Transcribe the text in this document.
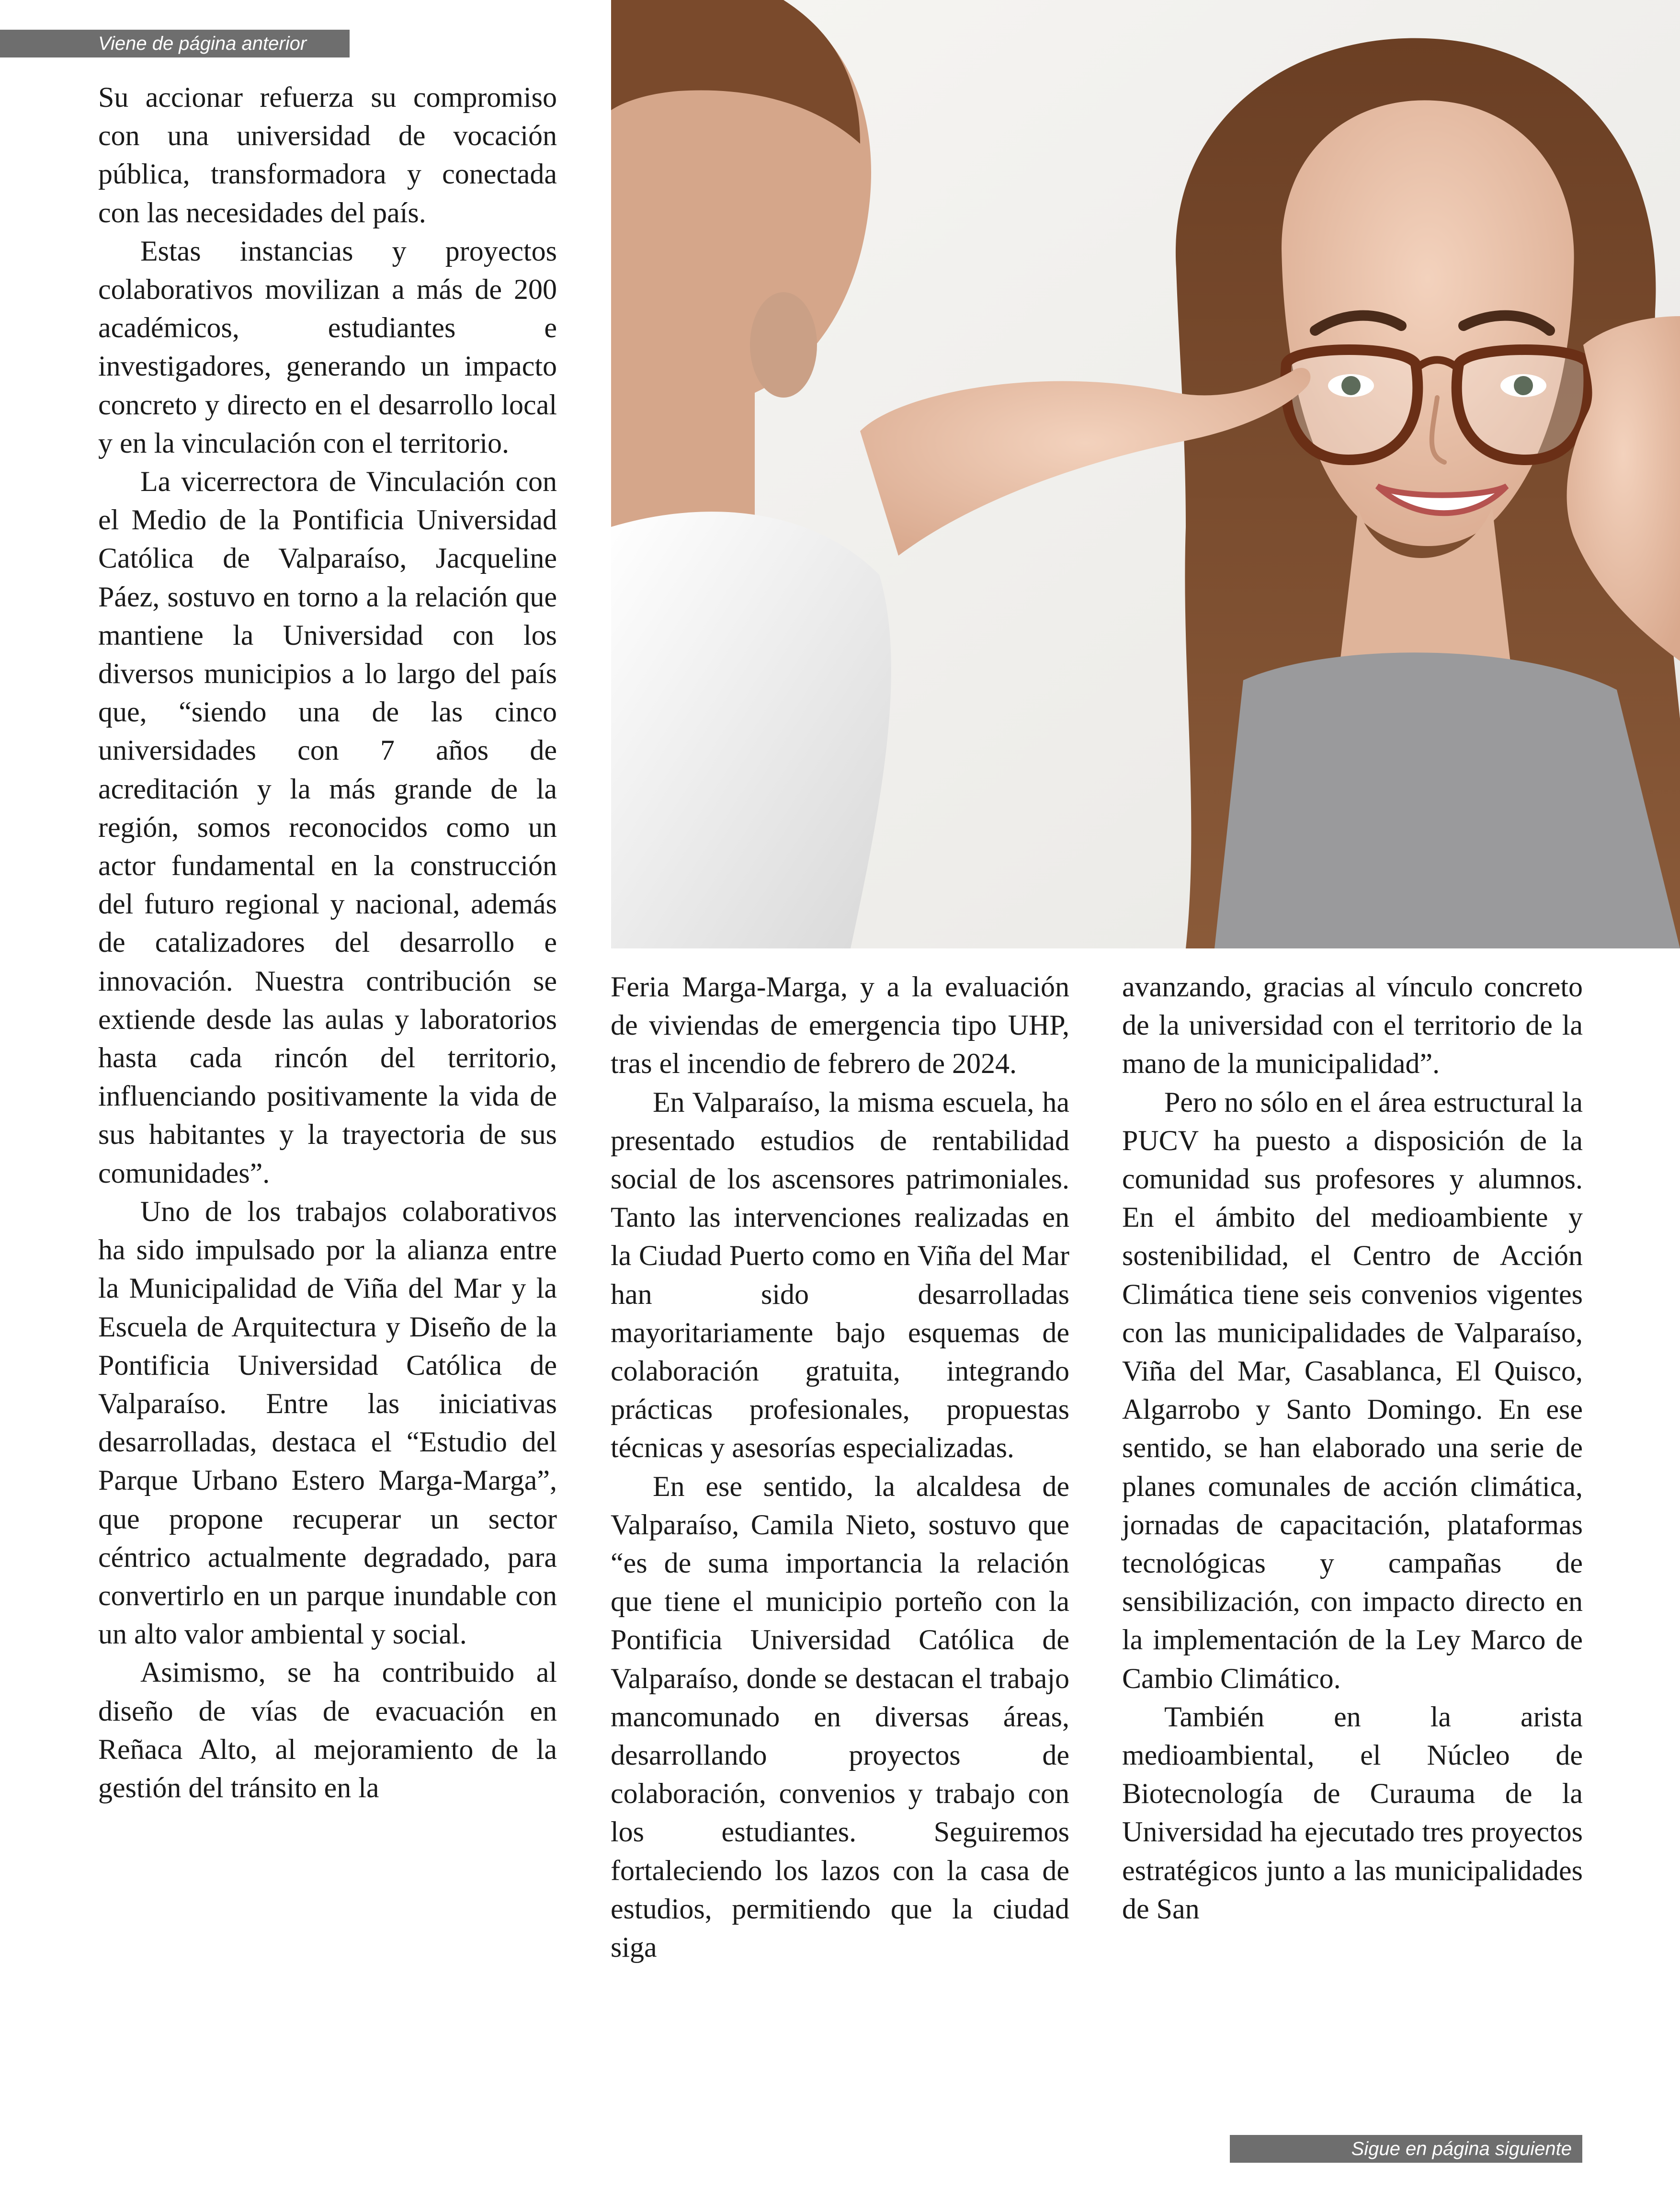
Viene de página anterior

Su accionar refuerza su compromiso con una universidad de vocación pública, transformadora y conectada con las necesidades del país.

Estas instancias y proyectos colaborativos movilizan a más de 200 académicos, estudiantes e investigadores, generando un impacto concreto y directo en el desarrollo local y en la vinculación con el territorio.

La vicerrectora de Vinculación con el Medio de la Pontificia Universidad Católica de Valparaíso, Jacqueline Páez, sostuvo en torno a la relación que mantiene la Universidad con los diversos municipios a lo largo del país que, “siendo una de las cinco universidades con 7 años de acreditación y la más grande de la región, somos reconocidos como un actor fundamental en la construcción del futuro regional y nacional, además de catalizadores del desarrollo e innovación. Nuestra contribución se extiende desde las aulas y laboratorios hasta cada rincón del territorio, influenciando positivamente la vida de sus habitantes y la trayectoria de sus comunidades”.

Uno de los trabajos colaborativos ha sido impulsado por la alianza entre la Municipalidad de Viña del Mar y la Escuela de Arquitectura y Diseño de la Pontificia Universidad Católica de Valparaíso. Entre las iniciativas desarrolladas, destaca el “Estudio del Parque Urbano Estero Marga-Marga”, que propone recuperar un sector céntrico actualmente degradado, para convertirlo en un parque inundable con un alto valor ambiental y social.

Asimismo, se ha contribuido al diseño de vías de evacuación en Reñaca Alto, al mejoramiento de la gestión del tránsito en la

Feria Marga-Marga, y a la evaluación de viviendas de emergencia tipo UHP, tras el incendio de febrero de 2024.

En Valparaíso, la misma escuela, ha presentado estudios de rentabilidad social de los ascensores patrimoniales. Tanto las intervenciones realizadas en la Ciudad Puerto como en Viña del Mar han sido desarrolladas mayoritariamente bajo esquemas de colaboración gratuita, integrando prácticas profesionales, propuestas técnicas y asesorías especializadas.

En ese sentido, la alcaldesa de Valparaíso, Camila Nieto, sostuvo que “es de suma importancia la relación que tiene el municipio porteño con la Pontificia Universidad Católica de Valparaíso, donde se destacan el trabajo mancomunado en diversas áreas, desarrollando proyectos de colaboración, convenios y trabajo con los estudiantes. Seguiremos fortaleciendo los lazos con la casa de estudios, permitiendo que la ciudad siga

avanzando, gracias al vínculo concreto de la universidad con el territorio de la mano de la municipalidad”.

Pero no sólo en el área estructural la PUCV ha puesto a disposición de la comunidad sus profesores y alumnos. En el ámbito del medioambiente y sostenibilidad, el Centro de Acción Climática tiene seis convenios vigentes con las municipalidades de Valparaíso, Viña del Mar, Casablanca, El Quisco, Algarrobo y Santo Domingo. En ese sentido, se han elaborado una serie de planes comunales de acción climática, jornadas de capacitación, plataformas tecnológicas y campañas de sensibilización, con impacto directo en la implementación de la Ley Marco de Cambio Climático.

También en la arista medioambiental, el Núcleo de Biotecnología de Curauma de la Universidad ha ejecutado tres proyectos estratégicos junto a las municipalidades de San

Sigue en página siguiente
